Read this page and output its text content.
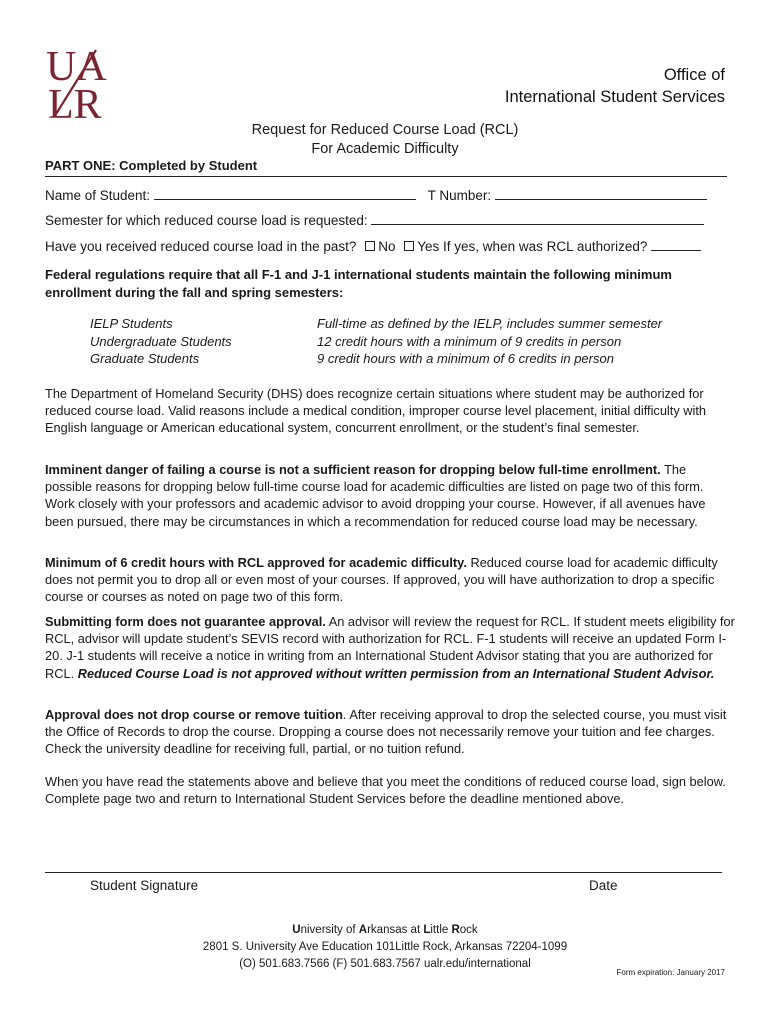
UA
LR
Office of
International Student Services
Request for Reduced Course Load (RCL)
For Academic Difficulty
PART ONE: Completed by Student
Name of Student:	T Number:
Semester for which reduced course load is requested:
Have you received reduced course load in the past? No Yes If yes, when was RCL authorized?
Federal regulations require that all F-1 and J-1 international students maintain the following minimum enrollment during the fall and spring semesters:
IELP Students	Full-time as defined by the IELP, includes summer semester
Undergraduate Students	12 credit hours with a minimum of 9 credits in person
Graduate Students	9 credit hours with a minimum of 6 credits in person
The Department of Homeland Security (DHS) does recognize certain situations where student may be authorized for reduced course load. Valid reasons include a medical condition, improper course level placement, initial difficulty with English language or American educational system, concurrent enrollment, or the student’s final semester.
Imminent danger of failing a course is not a sufficient reason for dropping below full-time enrollment. The possible reasons for dropping below full-time course load for academic difficulties are listed on page two of this form. Work closely with your professors and academic advisor to avoid dropping your course. However, if all avenues have been pursued, there may be circumstances in which a recommendation for reduced course load may be necessary.
Minimum of 6 credit hours with RCL approved for academic difficulty. Reduced course load for academic difficulty does not permit you to drop all or even most of your courses. If approved, you will have authorization to drop a specific course or courses as noted on page two of this form.
Submitting form does not guarantee approval. An advisor will review the request for RCL. If student meets eligibility for RCL, advisor will update student’s SEVIS record with authorization for RCL. F-1 students will receive an updated Form I-20. J-1 students will receive a notice in writing from an International Student Advisor stating that you are authorized for RCL. Reduced Course Load is not approved without written permission from an International Student Advisor.
Approval does not drop course or remove tuition. After receiving approval to drop the selected course, you must visit the Office of Records to drop the course. Dropping a course does not necessarily remove your tuition and fee charges. Check the university deadline for receiving full, partial, or no tuition refund.
When you have read the statements above and believe that you meet the conditions of reduced course load, sign below. Complete page two and return to International Student Services before the deadline mentioned above.
Student Signature	Date
University of Arkansas at Little Rock
2801 S. University Ave Education 101Little Rock, Arkansas 72204-1099
(O) 501.683.7566 (F) 501.683.7567 ualr.edu/international
Form expiration: January 2017
